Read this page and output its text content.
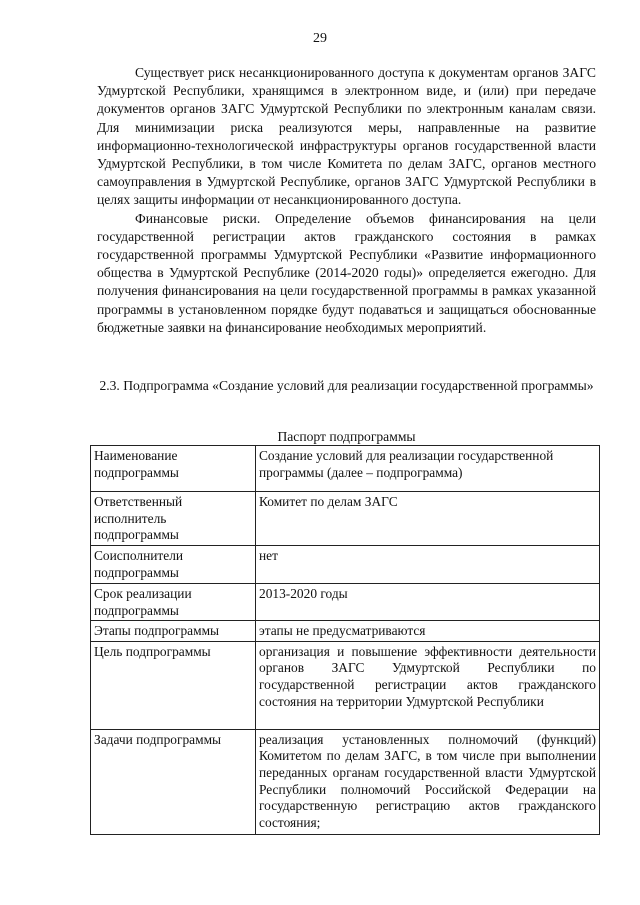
29

Существует риск несанкционированного доступа к документам органов ЗАГС Удмуртской Республики, хранящимся в электронном виде, и (или) при передаче документов органов ЗАГС Удмуртской Республики по электронным каналам связи. Для минимизации риска реализуются меры, направленные на развитие информационно-технологической инфраструктуры органов государственной власти Удмуртской Республики, в том числе Комитета по делам ЗАГС, органов местного самоуправления в Удмуртской Республике, органов ЗАГС Удмуртской Республики в целях защиты информации от несанкционированного доступа.

Финансовые риски. Определение объемов финансирования на цели государственной регистрации актов гражданского состояния в рамках государственной программы Удмуртской Республики «Развитие информационного общества в Удмуртской Республике (2014-2020 годы)» определяется ежегодно. Для получения финансирования на цели государственной программы в рамках указанной программы в установленном порядке будут подаваться и защищаться обоснованные бюджетные заявки на финансирование необходимых мероприятий.

2.3. Подпрограмма «Создание условий для реализации государственной программы»
Паспорт подпрограммы
Наименование подпрограммы	Создание условий для реализации государственной программы (далее – подпрограмма)
Ответственный исполнитель подпрограммы	Комитет по делам ЗАГС
Соисполнители подпрограммы	нет
Срок реализации подпрограммы	2013-2020 годы
Этапы подпрограммы	этапы не предусматриваются
Цель подпрограммы	организация и повышение эффективности деятельности органов ЗАГС Удмуртской Республики по государственной регистрации актов гражданского состояния на территории Удмуртской Республики
Задачи подпрограммы	реализация установленных полномочий (функций) Комитетом по делам ЗАГС, в том числе при выполнении переданных органам государственной власти Удмуртской Республики полномочий Российской Федерации на государственную регистрацию актов гражданского состояния;
